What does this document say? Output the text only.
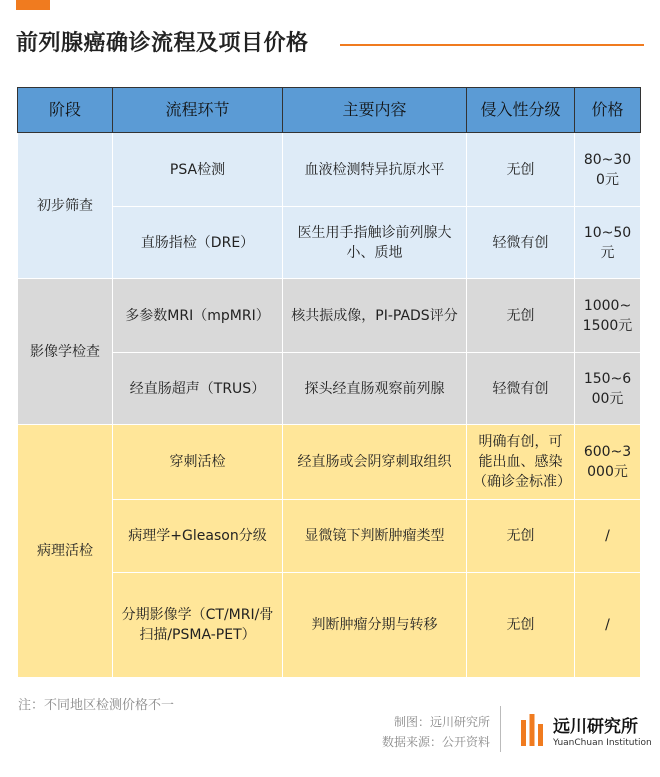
前列腺癌确诊流程及项目价格
阶段	流程环节	主要内容	侵入性分级	价格
初步筛查	PSA检测	血液检测特异抗原水平	无创	80~300元
	直肠指检（DRE）	医生用手指触诊前列腺大小、质地	轻微有创	10~50元
影像学检查	多参数MRI（mpMRI）	核共振成像，PI-PADS评分	无创	1000~1500元
	经直肠超声（TRUS）	探头经直肠观察前列腺	轻微有创	150~600元
病理活检	穿刺活检	经直肠或会阴穿刺取组织	明确有创，可能出血、感染（确诊金标准）	600~3000元
	病理学+Gleason分级	显微镜下判断肿瘤类型	无创	/
	分期影像学（CT/MRI/骨扫描/PSMA-PET）	判断肿瘤分期与转移	无创	/
注：不同地区检测价格不一
制图：远川研究所
数据来源：公开资料
远川研究所
YuanChuan Institution
